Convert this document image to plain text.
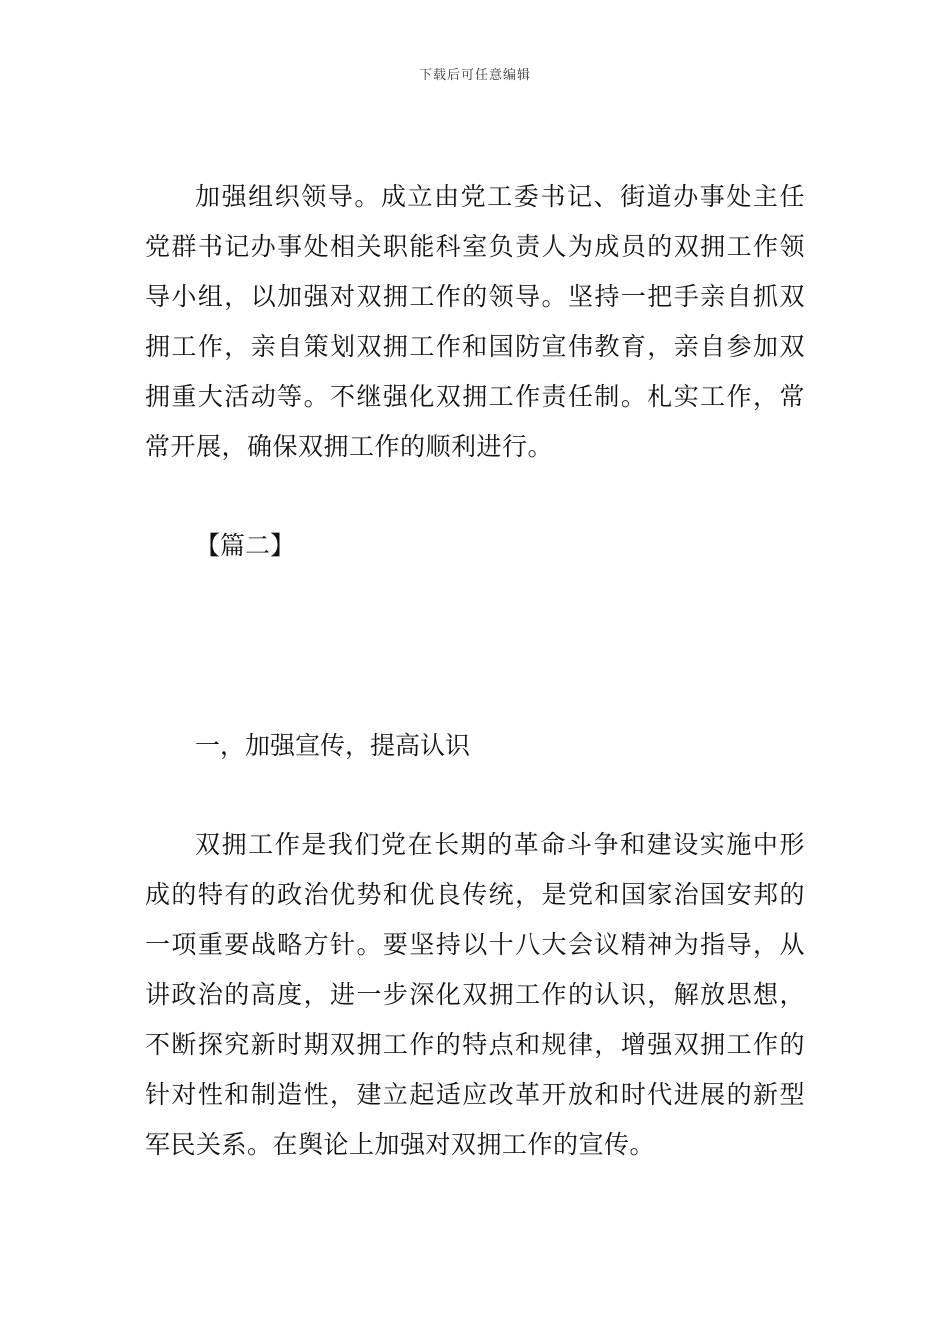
下载后可任意编辑

加强组织领导。成立由党工委书记、街道办事处主任党群书记办事处相关职能科室负责人为成员的双拥工作领导小组，以加强对双拥工作的领导。坚持一把手亲自抓双拥工作，亲自策划双拥工作和国防宣伟教育，亲自参加双拥重大活动等。不继强化双拥工作责任制。札实工作，常常开展，确保双拥工作的顺利进行。

【篇二】

一，加强宣传，提高认识

双拥工作是我们党在长期的革命斗争和建设实施中形成的特有的政治优势和优良传统，是党和国家治国安邦的一项重要战略方针。要坚持以十八大会议精神为指导，从讲政治的高度，进一步深化双拥工作的认识，解放思想，不断探究新时期双拥工作的特点和规律，增强双拥工作的针对性和制造性，建立起适应改革开放和时代进展的新型军民关系。在舆论上加强对双拥工作的宣传。
